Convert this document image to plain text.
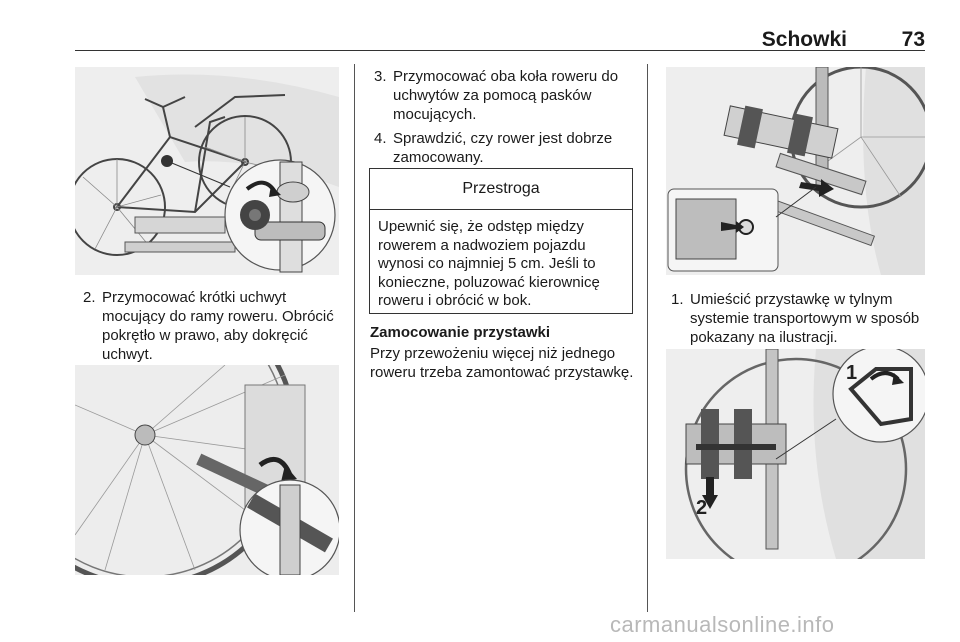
Schowki	73
2. Przymocować krótki uchwyt mocujący do ramy roweru. Obrócić pokrętło w prawo, aby dokręcić uchwyt.
3. Przymocować oba koła roweru do uchwytów za pomocą pasków mocujących.
4. Sprawdzić, czy rower jest dobrze zamocowany.
Przestroga
Upewnić się, że odstęp między rowerem a nadwoziem pojazdu wynosi co najmniej 5 cm. Jeśli to konieczne, poluzować kierownicę roweru i obrócić w bok.
Zamocowanie przystawki
Przy przewożeniu więcej niż jednego roweru trzeba zamontować przystawkę.
1. Umieścić przystawkę w tylnym systemie transportowym w sposób pokazany na ilustracji.
2
1
carmanualsonline.info
